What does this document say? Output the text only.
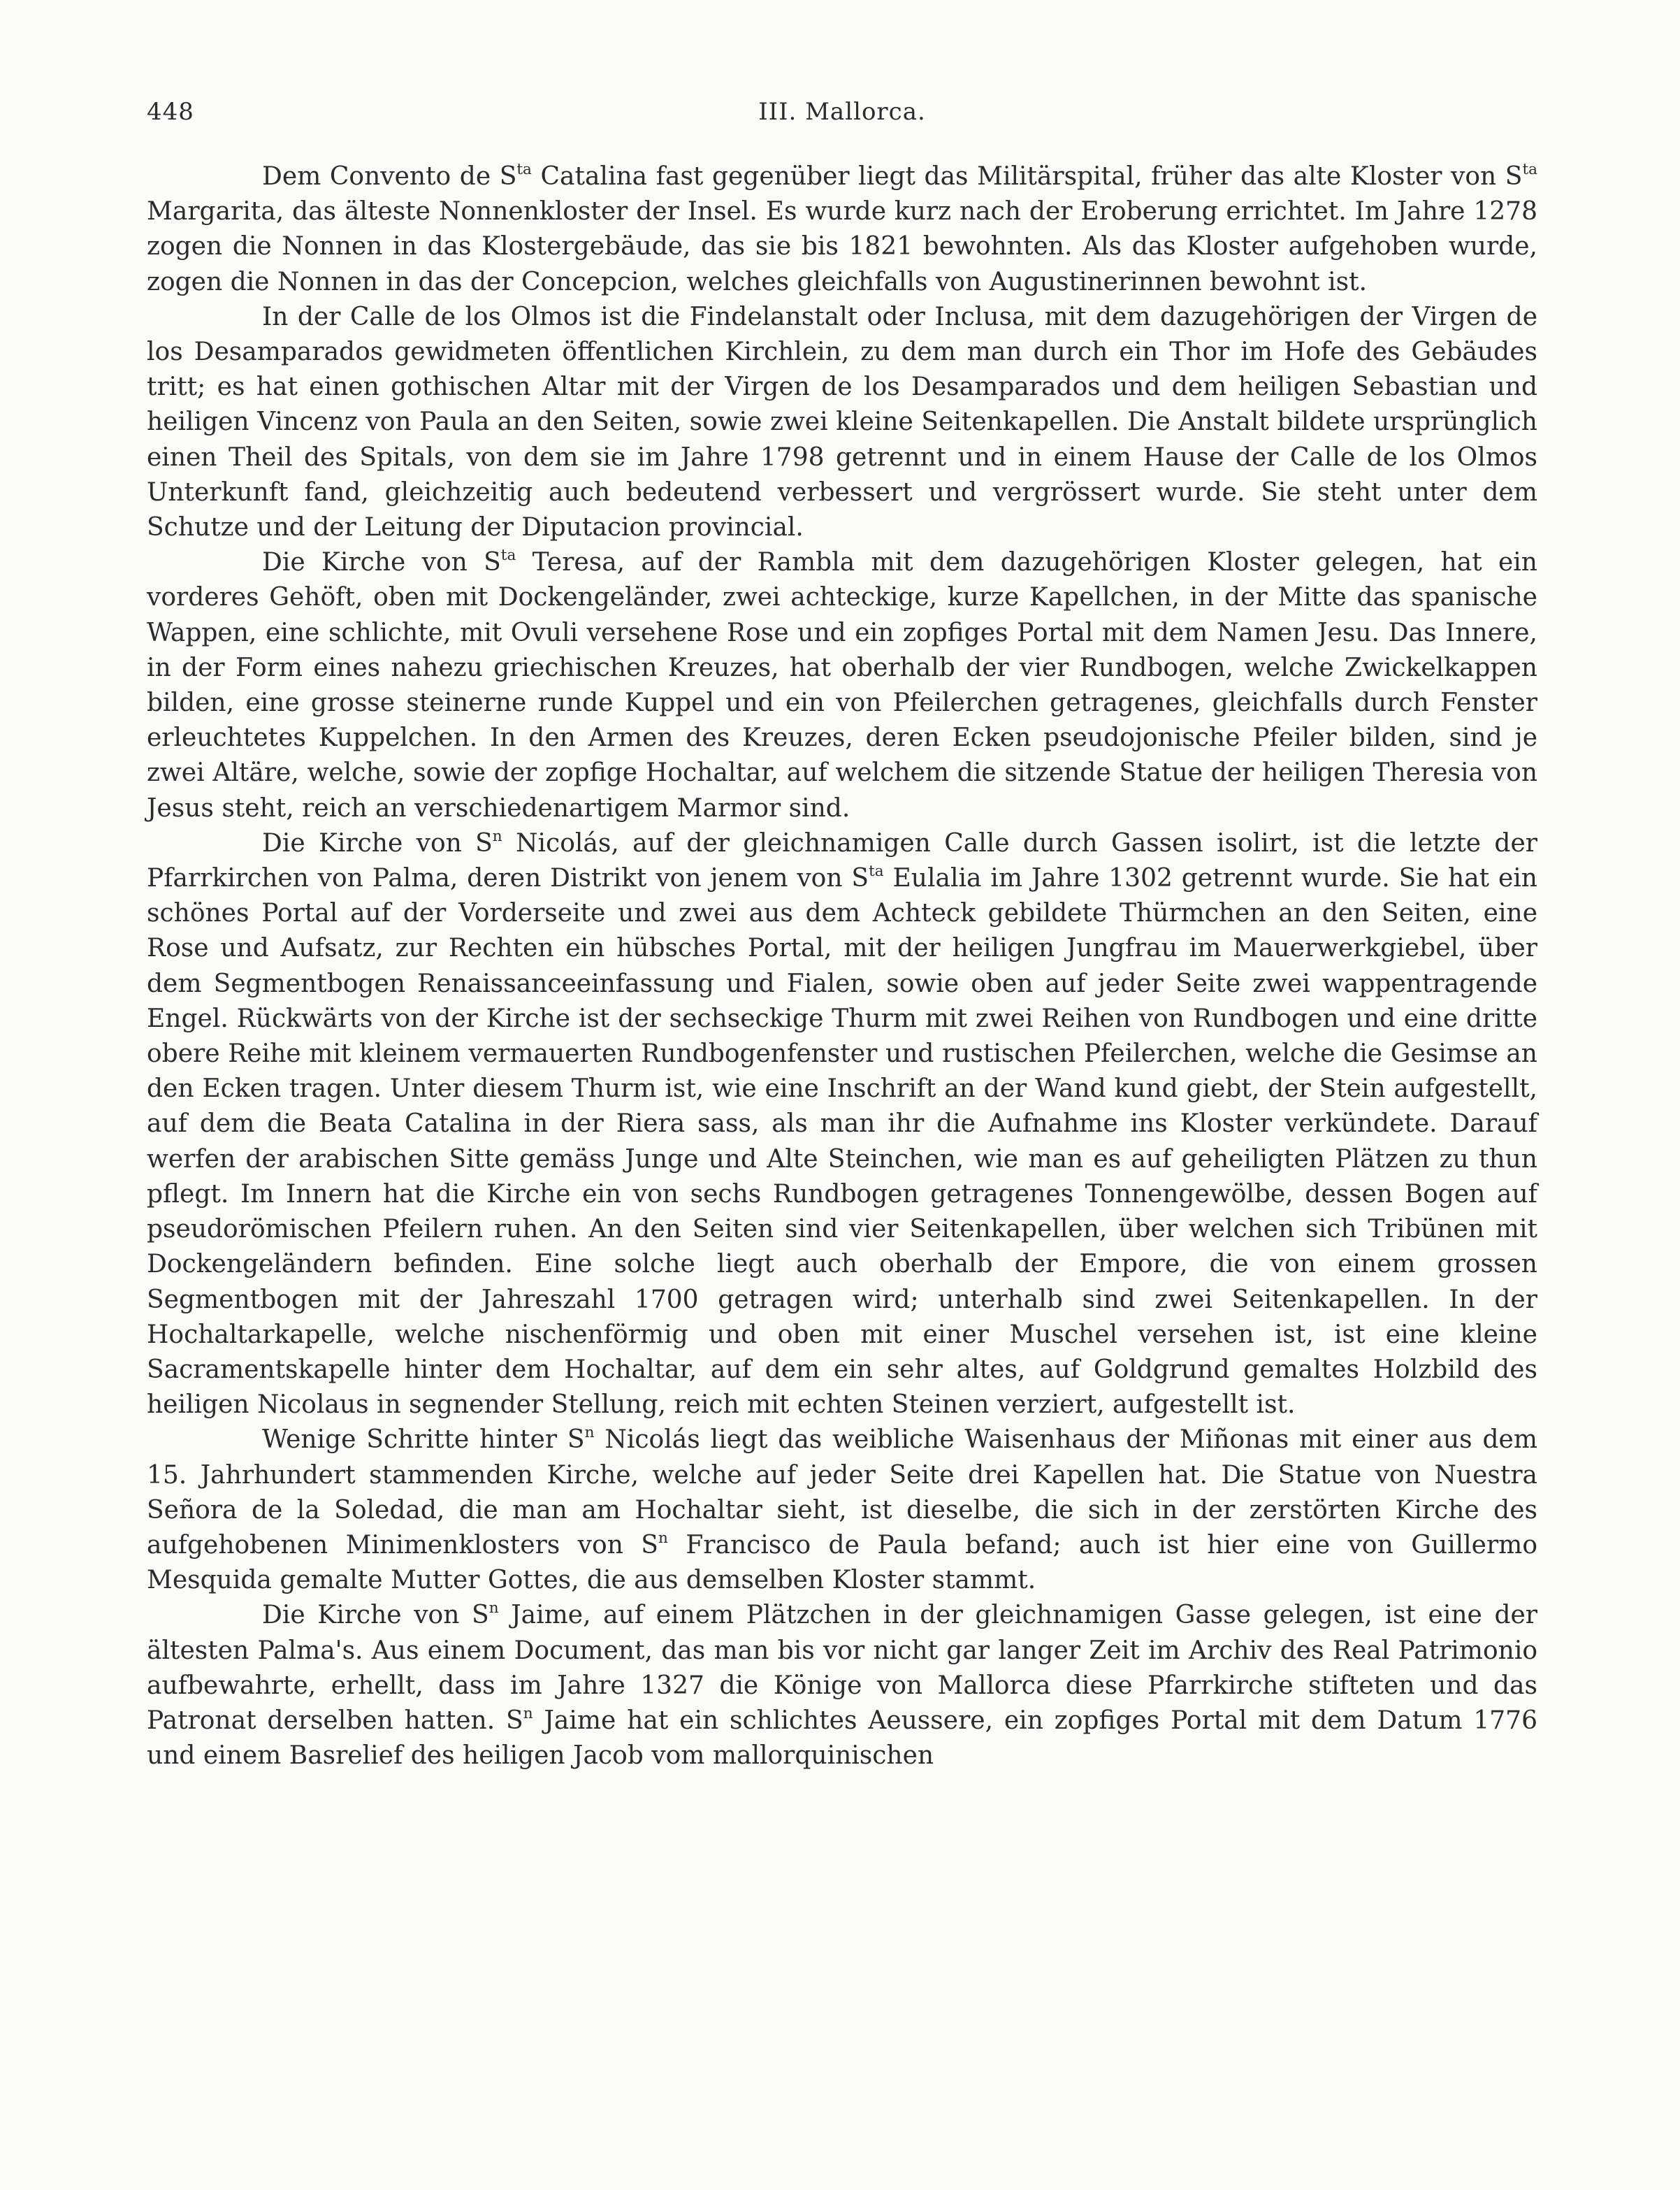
448	III. Mallorca.

Dem Convento de $S^{ta}$ Catalina fast gegenüber liegt das Militärspital, früher das alte Kloster von $S^{ta}$ Margarita, das älteste Nonnenkloster der Insel. Es wurde kurz nach der Eroberung errichtet. Im Jahre 1278 zogen die Nonnen in das Klostergebäude, das sie bis 1821 bewohnten. Als das Kloster aufgehoben wurde, zogen die Nonnen in das der Concepcion, welches gleichfalls von Augustinerinnen bewohnt ist.

In der Calle de los Olmos ist die Findelanstalt oder Inclusa, mit dem dazugehörigen der Virgen de los Desamparados gewidmeten öffentlichen Kirchlein, zu dem man durch ein Thor im Hofe des Gebäudes tritt; es hat einen gothischen Altar mit der Virgen de los Desamparados und dem heiligen Sebastian und heiligen Vincenz von Paula an den Seiten, sowie zwei kleine Seitenkapellen. Die Anstalt bildete ursprünglich einen Theil des Spitals, von dem sie im Jahre 1798 getrennt und in einem Hause der Calle de los Olmos Unterkunft fand, gleichzeitig auch bedeutend verbessert und vergrössert wurde. Sie steht unter dem Schutze und der Leitung der Diputacion provincial.

Die Kirche von $S^{ta}$ Teresa, auf der Rambla mit dem dazugehörigen Kloster gelegen, hat ein vorderes Gehöft, oben mit Dockengeländer, zwei achteckige, kurze Kapellchen, in der Mitte das spanische Wappen, eine schlichte, mit Ovuli versehene Rose und ein zopfiges Portal mit dem Namen Jesu. Das Innere, in der Form eines nahezu griechischen Kreuzes, hat oberhalb der vier Rundbogen, welche Zwickelkappen bilden, eine grosse steinerne runde Kuppel und ein von Pfeilerchen getragenes, gleichfalls durch Fenster erleuchtetes Kuppelchen. In den Armen des Kreuzes, deren Ecken pseudojonische Pfeiler bilden, sind je zwei Altäre, welche, sowie der zopfige Hochaltar, auf welchem die sitzende Statue der heiligen Theresia von Jesus steht, reich an verschiedenartigem Marmor sind.

Die Kirche von $S^n$ Nicolás, auf der gleichnamigen Calle durch Gassen isolirt, ist die letzte der Pfarrkirchen von Palma, deren Distrikt von jenem von $S^{ta}$ Eulalia im Jahre 1302 getrennt wurde. Sie hat ein schönes Portal auf der Vorderseite und zwei aus dem Achteck gebildete Thürmchen an den Seiten, eine Rose und Aufsatz, zur Rechten ein hübsches Portal, mit der heiligen Jungfrau im Mauerwerkgiebel, über dem Segmentbogen Renaissanceeinfassung und Fialen, sowie oben auf jeder Seite zwei wappentragende Engel. Rückwärts von der Kirche ist der sechseckige Thurm mit zwei Reihen von Rundbogen und eine dritte obere Reihe mit kleinem vermauerten Rundbogenfenster und rustischen Pfeilerchen, welche die Gesimse an den Ecken tragen. Unter diesem Thurm ist, wie eine Inschrift an der Wand kund giebt, der Stein aufgestellt, auf dem die Beata Catalina in der Riera sass, als man ihr die Aufnahme ins Kloster verkündete. Darauf werfen der arabischen Sitte gemäss Junge und Alte Steinchen, wie man es auf geheiligten Plätzen zu thun pflegt. Im Innern hat die Kirche ein von sechs Rundbogen getragenes Tonnengewölbe, dessen Bogen auf pseudorömischen Pfeilern ruhen. An den Seiten sind vier Seitenkapellen, über welchen sich Tribünen mit Dockengeländern befinden. Eine solche liegt auch oberhalb der Empore, die von einem grossen Segmentbogen mit der Jahreszahl 1700 getragen wird; unterhalb sind zwei Seitenkapellen. In der Hochaltarkapelle, welche nischenförmig und oben mit einer Muschel versehen ist, ist eine kleine Sacramentskapelle hinter dem Hochaltar, auf dem ein sehr altes, auf Goldgrund gemaltes Holzbild des heiligen Nicolaus in segnender Stellung, reich mit echten Steinen verziert, aufgestellt ist.

Wenige Schritte hinter $S^n$ Nicolás liegt das weibliche Waisenhaus der Miñonas mit einer aus dem 15. Jahrhundert stammenden Kirche, welche auf jeder Seite drei Kapellen hat. Die Statue von Nuestra Señora de la Soledad, die man am Hochaltar sieht, ist dieselbe, die sich in der zerstörten Kirche des aufgehobenen Minimenklosters von $S^n$ Francisco de Paula befand; auch ist hier eine von Guillermo Mesquida gemalte Mutter Gottes, die aus demselben Kloster stammt.

Die Kirche von $S^n$ Jaime, auf einem Plätzchen in der gleichnamigen Gasse gelegen, ist eine der ältesten Palma's. Aus einem Document, das man bis vor nicht gar langer Zeit im Archiv des Real Patrimonio aufbewahrte, erhellt, dass im Jahre 1327 die Könige von Mallorca diese Pfarrkirche stifteten und das Patronat derselben hatten. $S^n$ Jaime hat ein schlichtes Aeussere, ein zopfiges Portal mit dem Datum 1776 und einem Basrelief des heiligen Jacob vom mallorquinischen
